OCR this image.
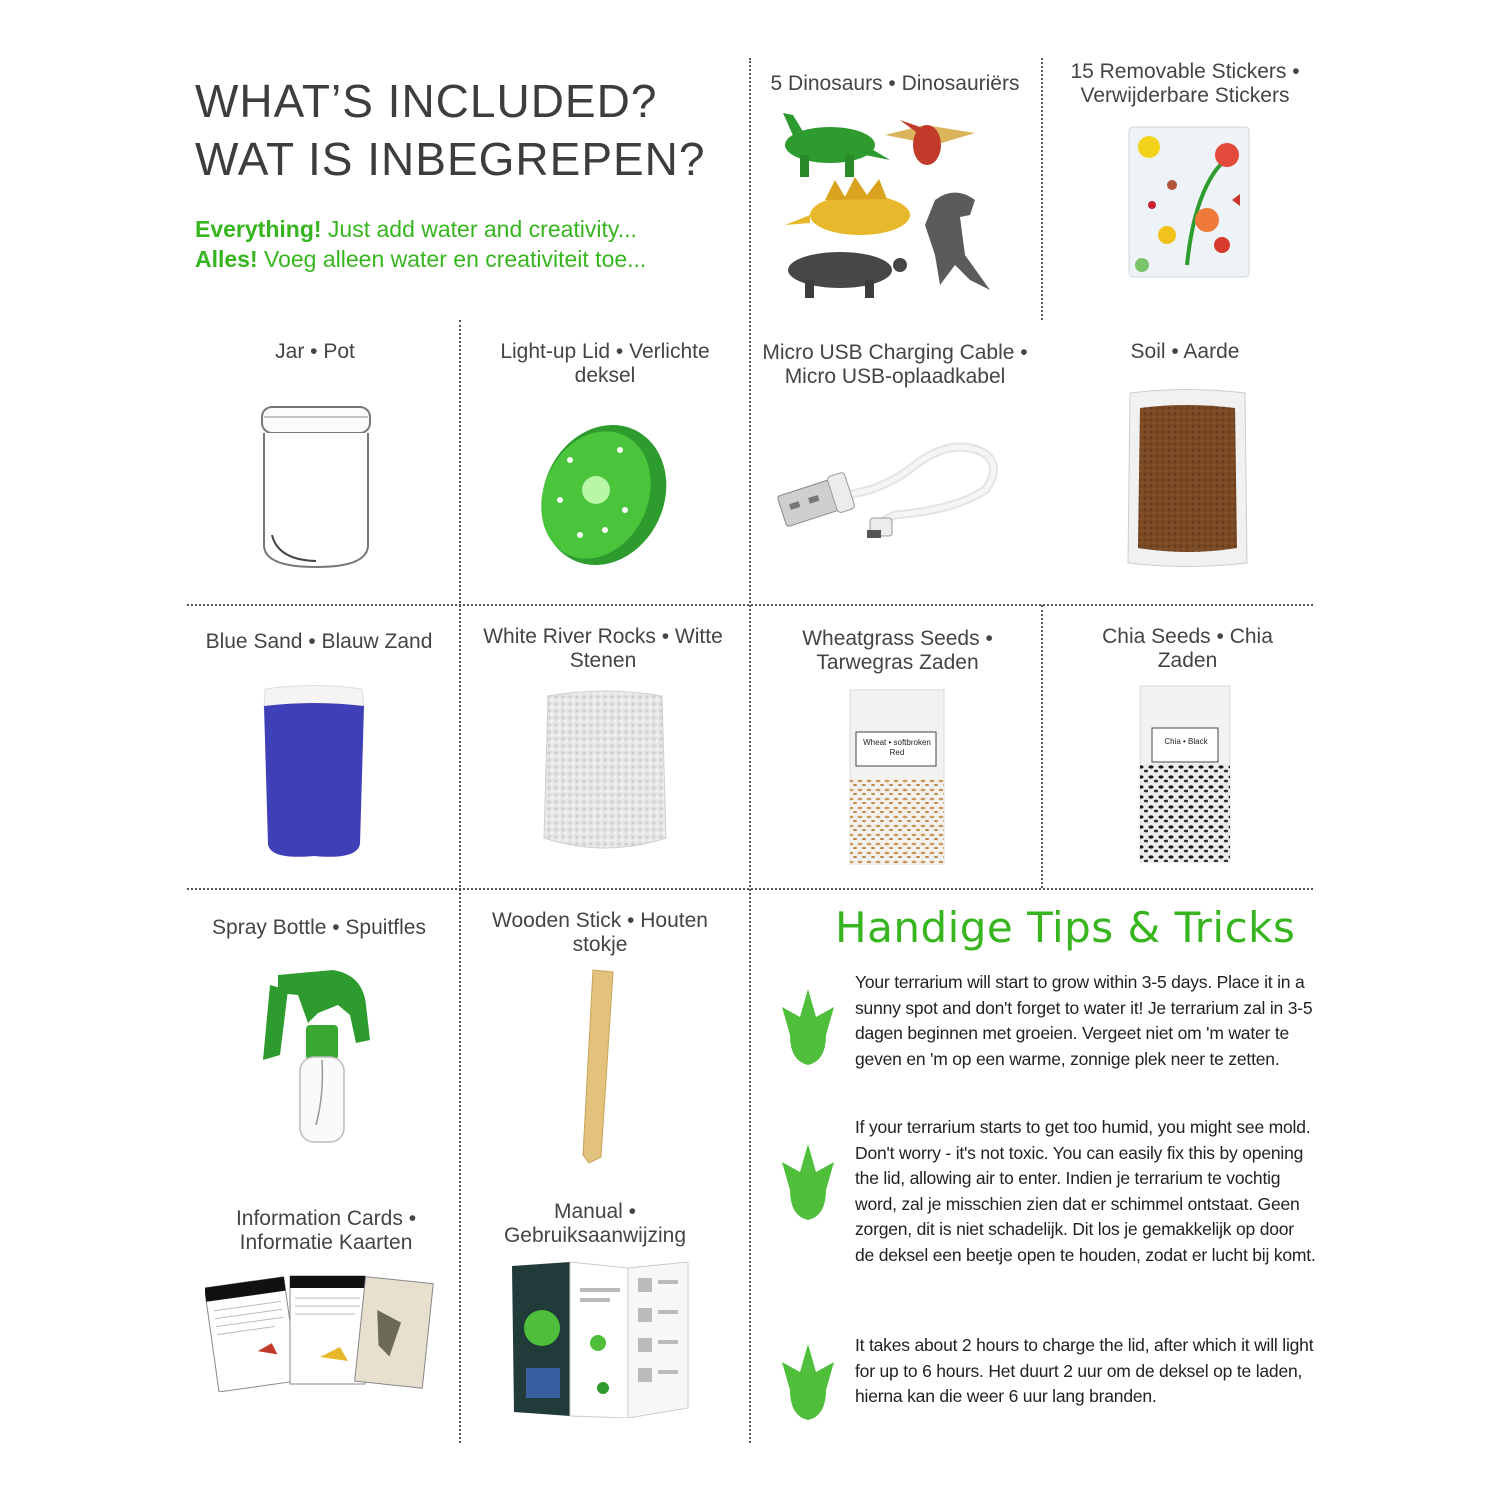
WHAT’S INCLUDED?
WAT IS INBEGREPEN?
Everything! Just add water and creativity...
Alles! Voeg alleen water en creativiteit toe...
5 Dinosaurs • Dinosauriërs
15 Removable Stickers • Verwijderbare Stickers
Jar • Pot	Light-up Lid • Verlichte deksel
Micro USB Charging Cable • Micro USB-oplaadkabel
Soil • Aarde
Blue Sand • Blauw Zand	White River Rocks • Witte Stenen
Wheatgrass Seeds • Tarwegras Zaden
Chia Seeds • Chia Zaden
Wheat • softbroken Red
Chia • Black
Spray Bottle • Spuitfles	Wooden Stick • Houten stokje
Information Cards • Informatie Kaarten
Manual • Gebruiksaanwijzing
Handige Tips & Tricks
Your terrarium will start to grow within 3-5 days. Place it in a sunny spot and don't forget to water it! Je terrarium zal in 3-5 dagen beginnen met groeien. Vergeet niet om 'm water te geven en 'm op een warme, zonnige plek neer te zetten.
If your terrarium starts to get too humid, you might see mold. Don't worry - it's not toxic. You can easily fix this by opening the lid, allowing air to enter. Indien je terrarium te vochtig word, zal je misschien zien dat er schimmel ontstaat. Geen zorgen, dit is niet schadelijk. Dit los je gemakkelijk op door de deksel een beetje open te houden, zodat er lucht bij komt.
It takes about 2 hours to charge the lid, after which it will light for up to 6 hours. Het duurt 2 uur om de deksel op te laden, hierna kan die weer 6 uur lang branden.
